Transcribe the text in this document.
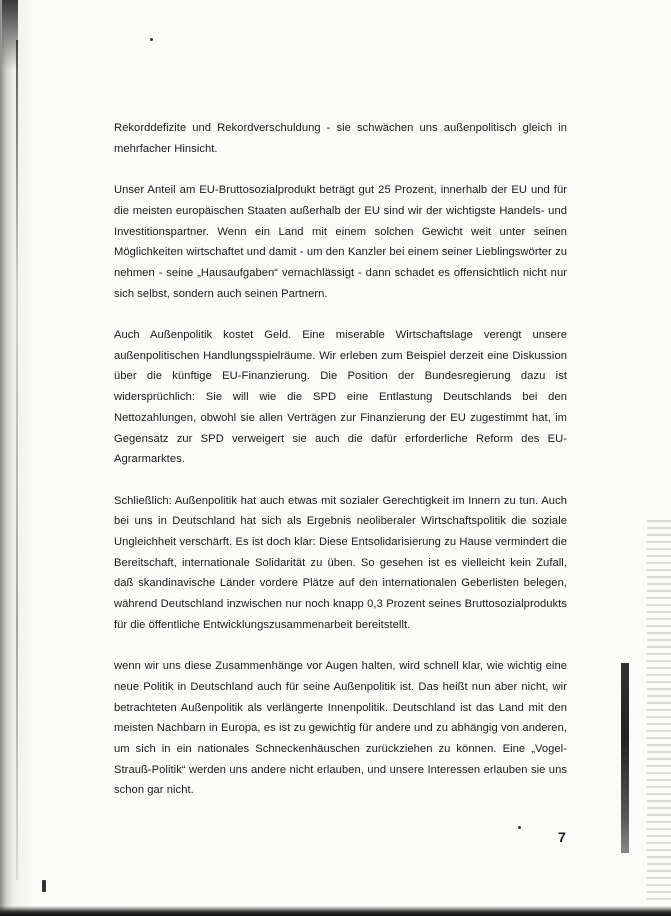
Rekorddefizite und Rekordverschuldung - sie schwächen uns außenpolitisch gleich in mehrfacher Hinsicht.

Unser Anteil am EU-Bruttosozialprodukt beträgt gut 25 Prozent, innerhalb der EU und für die meisten europäischen Staaten außerhalb der EU sind wir der wichtigste Handels- und Investitionspartner. Wenn ein Land mit einem solchen Gewicht weit unter seinen Möglichkeiten wirtschaftet und damit - um den Kanzler bei einem seiner Lieblingswörter zu nehmen - seine „Hausaufgaben“ vernachlässigt - dann schadet es offensichtlich nicht nur sich selbst, sondern auch seinen Partnern.

Auch Außenpolitik kostet Geld. Eine miserable Wirtschaftslage verengt unsere außenpolitischen Handlungsspielräume. Wir erleben zum Beispiel derzeit eine Diskussion über die künftige EU-Finanzierung. Die Position der Bundesregierung dazu ist widersprüchlich: Sie will wie die SPD eine Entlastung Deutschlands bei den Nettozahlungen, obwohl sie allen Verträgen zur Finanzierung der EU zugestimmt hat, im Gegensatz zur SPD verweigert sie auch die dafür erforderliche Reform des EU-Agrarmarktes.

Schließlich: Außenpolitik hat auch etwas mit sozialer Gerechtigkeit im Innern zu tun. Auch bei uns in Deutschland hat sich als Ergebnis neoliberaler Wirtschaftspolitik die soziale Ungleichheit verschärft. Es ist doch klar: Diese Entsolidarisierung zu Hause vermindert die Bereitschaft, internationale Solidarität zu üben. So gesehen ist es vielleicht kein Zufall, daß skandinavische Länder vordere Plätze auf den internationalen Geberlisten belegen, während Deutschland inzwischen nur noch knapp 0,3 Prozent seines Bruttosozialprodukts für die öffentliche Entwicklungszusammenarbeit bereitstellt.

wenn wir uns diese Zusammenhänge vor Augen halten, wird schnell klar, wie wichtig eine neue Politik in Deutschland auch für seine Außenpolitik ist. Das heißt nun aber nicht, wir betrachteten Außenpolitik als verlängerte Innenpolitik. Deutschland ist das Land mit den meisten Nachbarn in Europa, es ist zu gewichtig für andere und zu abhängig von anderen, um sich in ein nationales Schneckenhäuschen zurückziehen zu können. Eine „Vogel-Strauß-Politik“ werden uns andere nicht erlauben, und unsere Interessen erlauben sie uns schon gar nicht.

7
